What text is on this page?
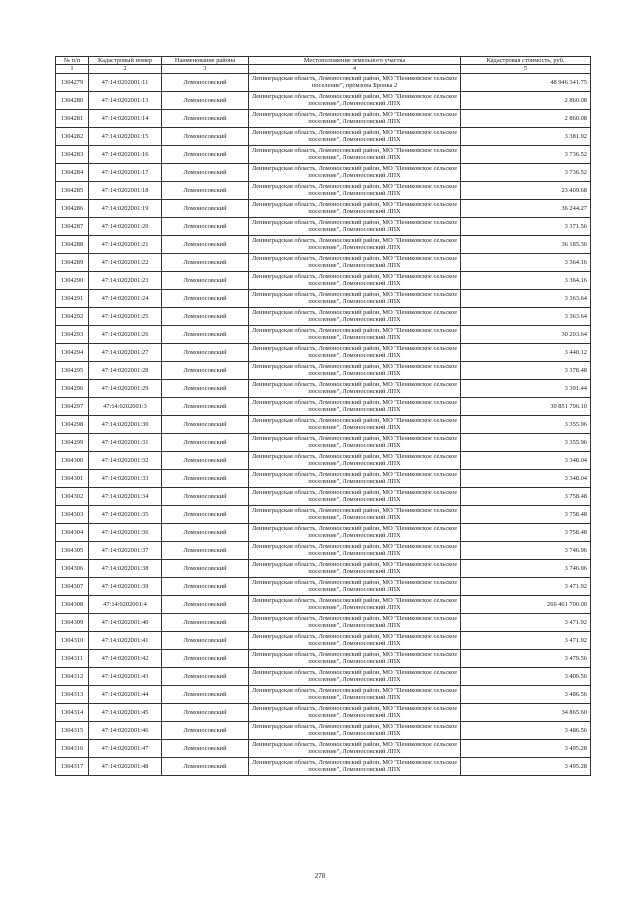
№ п/п	Кадастровый номер	Наименование района	Местоположение земельного участка	Кадастровая стоимость, руб.
1	2	3	4	5
1304279	47:14:0202001:11	Ломоносовский	Ленинградская область, Ломоносовский район, МО "Пениковское сельское поселение", промзона Бронка 2	48 946 341.75
1304280	47:14:0202001:13	Ломоносовский	Ленинградская область, Ломоносовский район, МО "Пениковское сельское поселение", Ломоносовский ЛПХ	2 860.08
1304281	47:14:0202001:14	Ломоносовский	Ленинградская область, Ломоносовский район, МО "Пениковское сельское поселение", Ломоносовский ЛПХ	2 860.08
1304282	47:14:0202001:15	Ломоносовский	Ленинградская область, Ломоносовский район, МО "Пениковское сельское поселение", Ломоносовский ЛПХ	3 381.92
1304283	47:14:0202001:16	Ломоносовский	Ленинградская область, Ломоносовский район, МО "Пениковское сельское поселение", Ломоносовский ЛПХ	3 736.52
1304284	47:14:0202001:17	Ломоносовский	Ленинградская область, Ломоносовский район, МО "Пениковское сельское поселение", Ломоносовский ЛПХ	3 736.52
1304285	47:14:0202001:18	Ломоносовский	Ленинградская область, Ломоносовский район, МО "Пениковское сельское поселение", Ломоносовский ЛПХ	23 409.68
1304286	47:14:0202001:19	Ломоносовский	Ленинградская область, Ломоносовский район, МО "Пениковское сельское поселение", Ломоносовский ЛПХ	36 244.27
1304287	47:14:0202001:20	Ломоносовский	Ленинградская область, Ломоносовский район, МО "Пениковское сельское поселение", Ломоносовский ЛПХ	3 371.56
1304288	47:14:0202001:21	Ломоносовский	Ленинградская область, Ломоносовский район, МО "Пениковское сельское поселение", Ломоносовский ЛПХ	36 185.36
1304289	47:14:0202001:22	Ломоносовский	Ленинградская область, Ломоносовский район, МО "Пениковское сельское поселение", Ломоносовский ЛПХ	3 364.16
1304290	47:14:0202001:23	Ломоносовский	Ленинградская область, Ломоносовский район, МО "Пениковское сельское поселение", Ломоносовский ЛПХ	3 364.16
1304291	47:14:0202001:24	Ломоносовский	Ленинградская область, Ломоносовский район, МО "Пениковское сельское поселение", Ломоносовский ЛПХ	3 363.64
1304292	47:14:0202001:25	Ломоносовский	Ленинградская область, Ломоносовский район, МО "Пениковское сельское поселение", Ломоносовский ЛПХ	3 363.64
1304293	47:14:0202001:26	Ломоносовский	Ленинградская область, Ломоносовский район, МО "Пениковское сельское поселение", Ломоносовский ЛПХ	30 203.64
1304294	47:14:0202001:27	Ломоносовский	Ленинградская область, Ломоносовский район, МО "Пениковское сельское поселение", Ломоносовский ЛПХ	3 440.12
1304295	47:14:0202001:28	Ломоносовский	Ленинградская область, Ломоносовский район, МО "Пениковское сельское поселение", Ломоносовский ЛПХ	3 378.48
1304296	47:14:0202001:29	Ломоносовский	Ленинградская область, Ломоносовский район, МО "Пениковское сельское поселение", Ломоносовский ЛПХ	3 391.44
1304297	47:14:0202001:3	Ломоносовский	Ленинградская область, Ломоносовский район, МО "Пениковское сельское поселение", Ломоносовский ЛПХ	30 851 796.10
1304298	47:14:0202001:30	Ломоносовский	Ленинградская область, Ломоносовский район, МО "Пениковское сельское поселение", Ломоносовский ЛПХ	3 355.96
1304299	47:14:0202001:31	Ломоносовский	Ленинградская область, Ломоносовский район, МО "Пениковское сельское поселение", Ломоносовский ЛПХ	3 355.96
1304300	47:14:0202001:32	Ломоносовский	Ленинградская область, Ломоносовский район, МО "Пениковское сельское поселение", Ломоносовский ЛПХ	3 348.04
1304301	47:14:0202001:33	Ломоносовский	Ленинградская область, Ломоносовский район, МО "Пениковское сельское поселение", Ломоносовский ЛПХ	3 348.04
1304302	47:14:0202001:34	Ломоносовский	Ленинградская область, Ломоносовский район, МО "Пениковское сельское поселение", Ломоносовский ЛПХ	3 758.48
1304303	47:14:0202001:35	Ломоносовский	Ленинградская область, Ломоносовский район, МО "Пениковское сельское поселение", Ломоносовский ЛПХ	3 758.48
1304304	47:14:0202001:36	Ломоносовский	Ленинградская область, Ломоносовский район, МО "Пениковское сельское поселение", Ломоносовский ЛПХ	3 758.48
1304305	47:14:0202001:37	Ломоносовский	Ленинградская область, Ломоносовский район, МО "Пениковское сельское поселение", Ломоносовский ЛПХ	3 746.96
1304306	47:14:0202001:38	Ломоносовский	Ленинградская область, Ломоносовский район, МО "Пениковское сельское поселение", Ломоносовский ЛПХ	3 746.96
1304307	47:14:0202001:39	Ломоносовский	Ленинградская область, Ломоносовский район, МО "Пениковское сельское поселение", Ломоносовский ЛПХ	3 471.92
1304308	47:14:0202001:4	Ломоносовский	Ленинградская область, Ломоносовский район, МО "Пениковское сельское поселение", Ломоносовский ЛПХ	266 461 700.00
1304309	47:14:0202001:40	Ломоносовский	Ленинградская область, Ломоносовский район, МО "Пениковское сельское поселение", Ломоносовский ЛПХ	3 471.92
1304310	47:14:0202001:41	Ломоносовский	Ленинградская область, Ломоносовский район, МО "Пениковское сельское поселение", Ломоносовский ЛПХ	3 471.92
1304311	47:14:0202001:42	Ломоносовский	Ленинградская область, Ломоносовский район, МО "Пениковское сельское поселение", Ломоносовский ЛПХ	3 479.56
1304312	47:14:0202001:43	Ломоносовский	Ленинградская область, Ломоносовский район, МО "Пениковское сельское поселение", Ломоносовский ЛПХ	3 409.56
1304313	47:14:0202001:44	Ломоносовский	Ленинградская область, Ломоносовский район, МО "Пениковское сельское поселение", Ломоносовский ЛПХ	3 486.56
1304314	47:14:0202001:45	Ломоносовский	Ленинградская область, Ломоносовский район, МО "Пениковское сельское поселение", Ломоносовский ЛПХ	34 865.60
1304315	47:14:0202001:46	Ломоносовский	Ленинградская область, Ломоносовский район, МО "Пениковское сельское поселение", Ломоносовский ЛПХ	3 486.56
1304316	47:14:0202001:47	Ломоносовский	Ленинградская область, Ломоносовский район, МО "Пениковское сельское поселение", Ломоносовский ЛПХ	3 495.28
1304317	47:14:0202001:48	Ломоносовский	Ленинградская область, Ломоносовский район, МО "Пениковское сельское поселение", Ломоносовский ЛПХ	3 495.28
278
